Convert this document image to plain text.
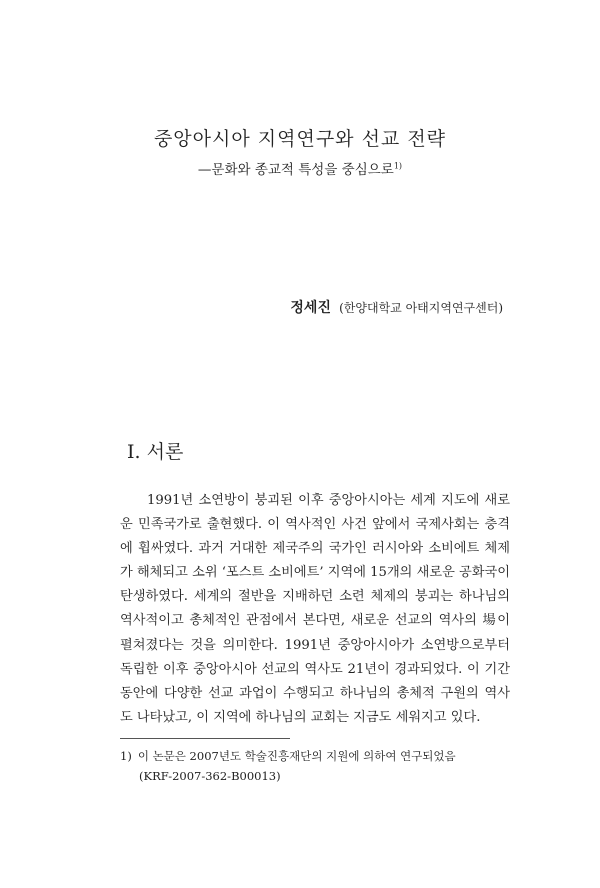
중앙아시아 지역연구와 선교 전략
—문화와 종교적 특성을 중심으로$^{1)}$
정세진 (한양대학교 아태지역연구센터)
I. 서론

1991년 소연방이 붕괴된 이후 중앙아시아는 세계 지도에 새로운 민족국가로 출현했다. 이 역사적인 사건 앞에서 국제사회는 충격에 휩싸였다. 과거 거대한 제국주의 국가인 러시아와 소비에트 체제가 해체되고 소위 ‘포스트 소비에트’ 지역에 15개의 새로운 공화국이 탄생하였다. 세계의 절반을 지배하던 소련 체제의 붕괴는 하나님의 역사적이고 총체적인 관점에서 본다면, 새로운 선교의 역사의 場이 펼쳐졌다는 것을 의미한다. 1991년 중앙아시아가 소연방으로부터 독립한 이후 중앙아시아 선교의 역사도 21년이 경과되었다. 이 기간 동안에 다양한 선교 과업이 수행되고 하나님의 총체적 구원의 역사도 나타났고, 이 지역에 하나님의 교회는 지금도 세워지고 있다.

1) 이 논문은 2007년도 학술진흥재단의 지원에 의하여 연구되었음
(KRF-2007-362-B00013)
